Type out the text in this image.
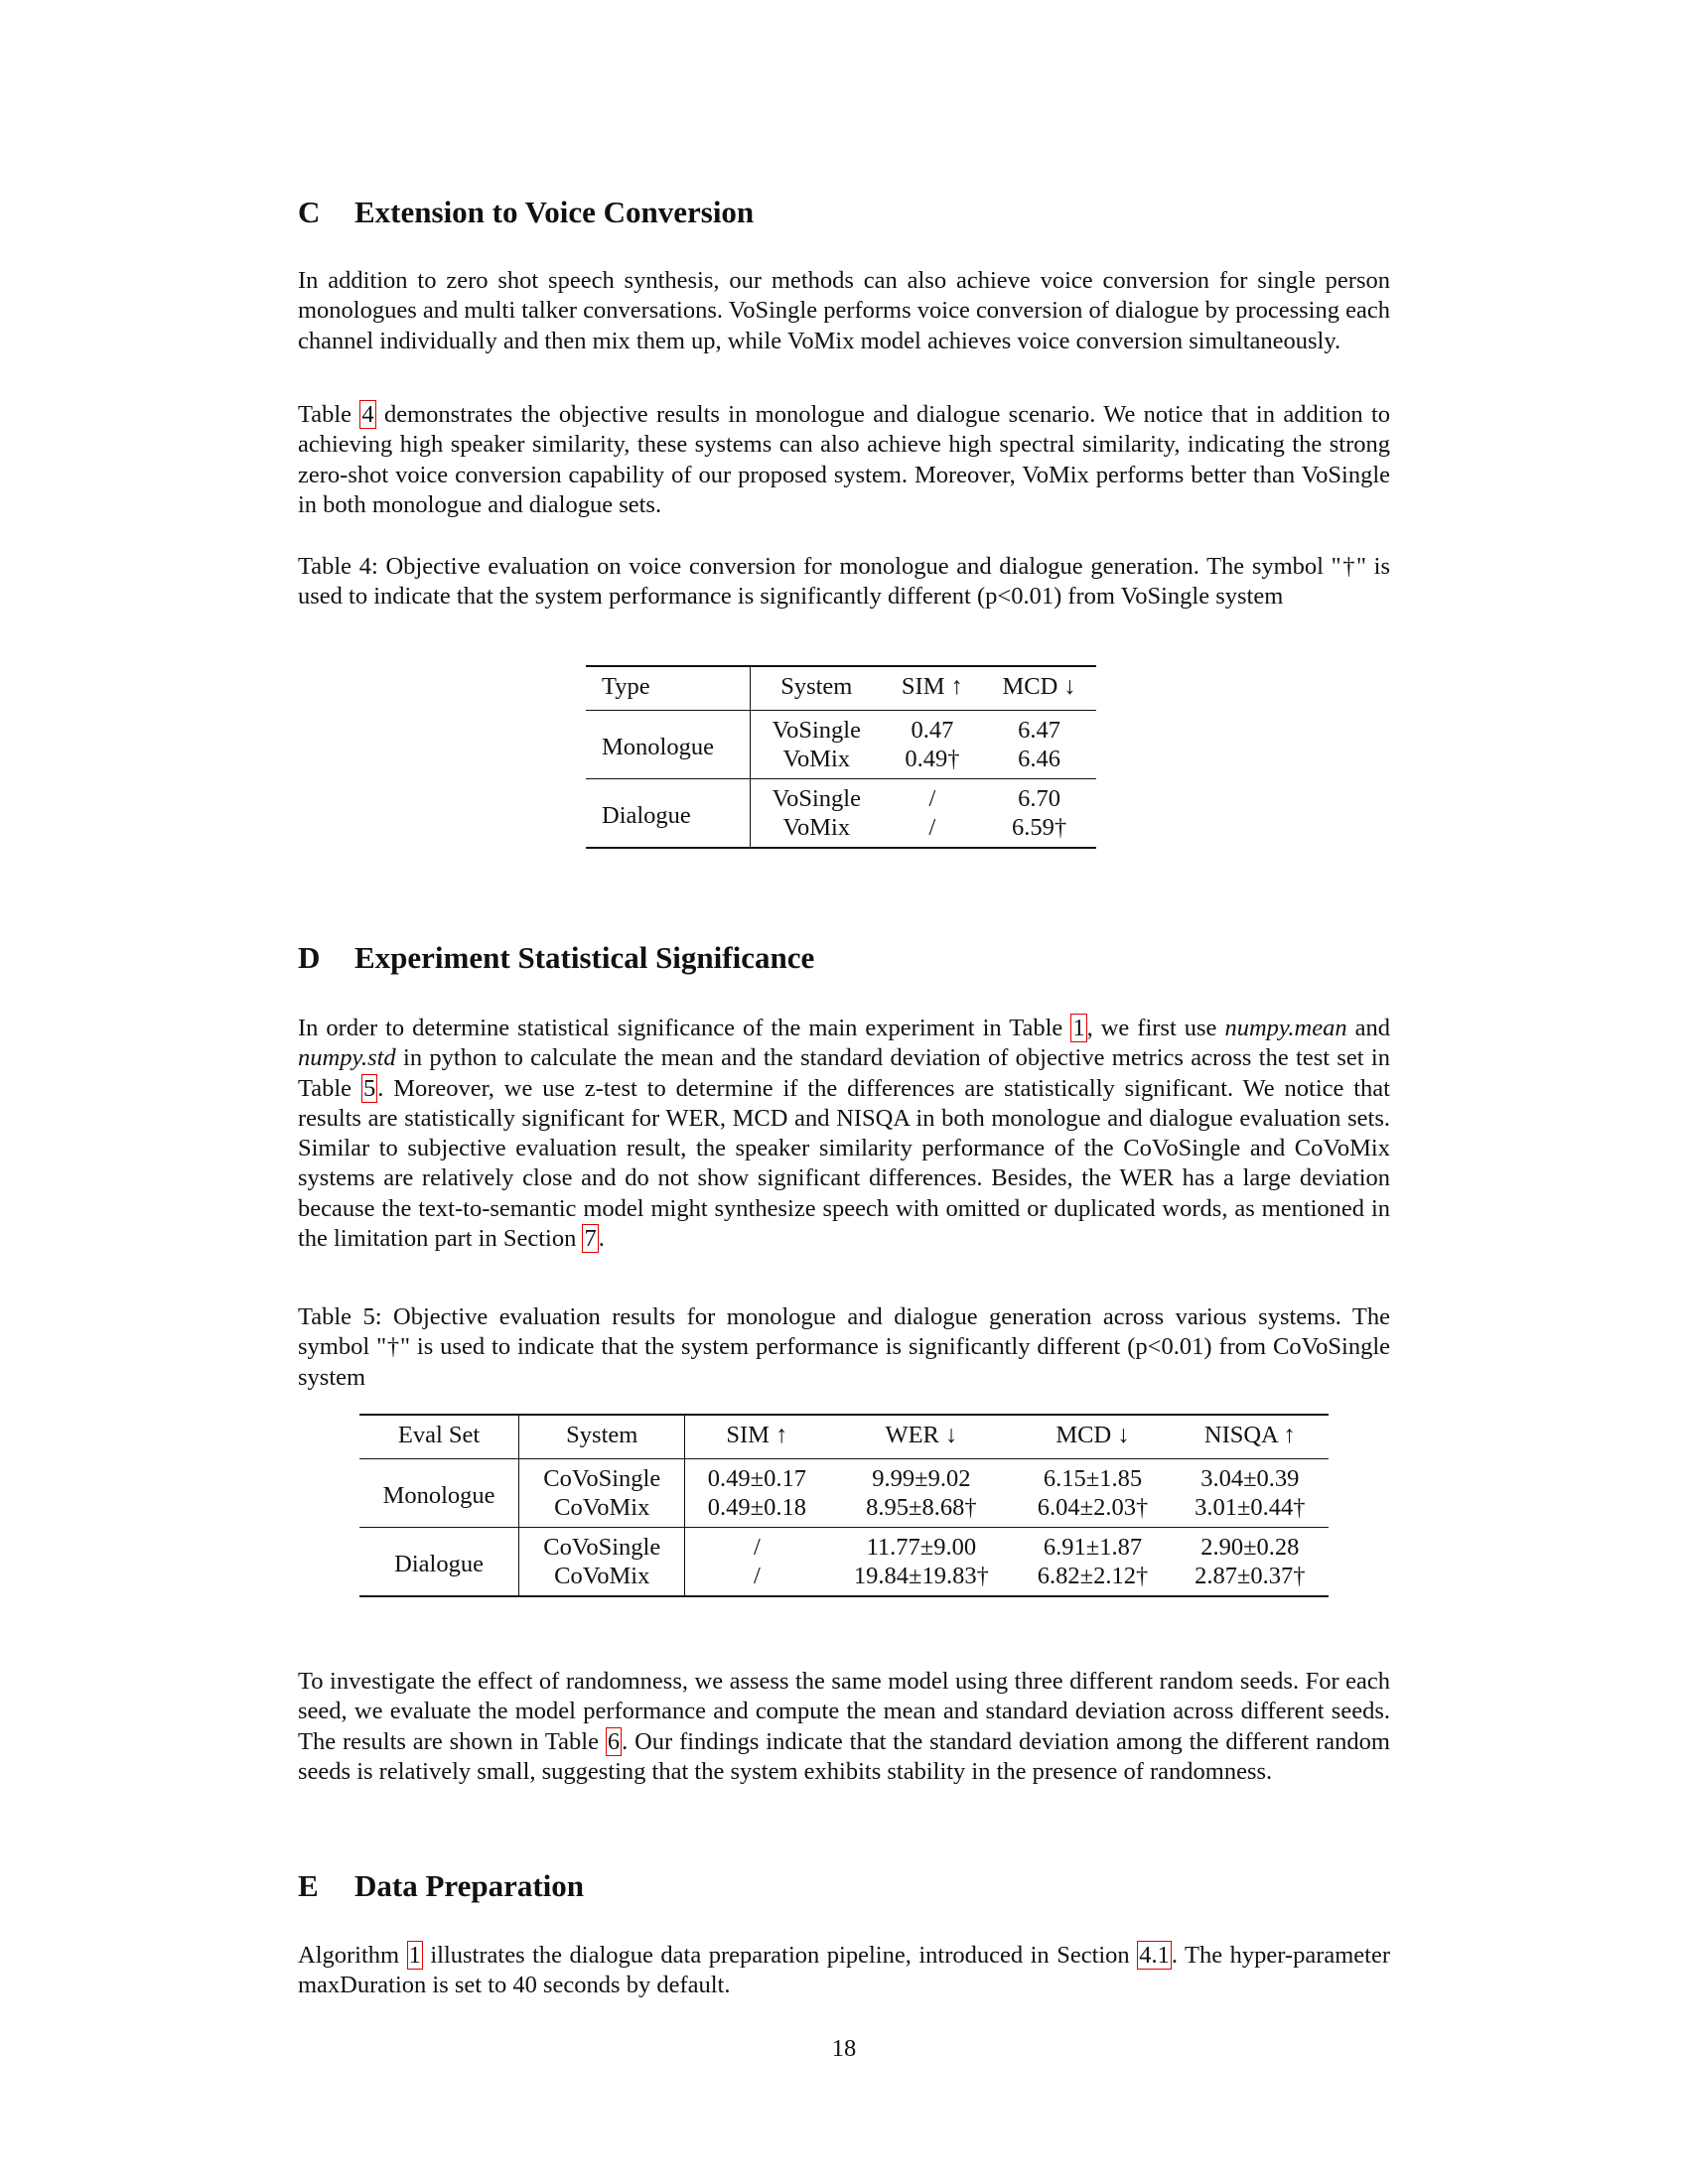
C Extension to Voice Conversion

In addition to zero shot speech synthesis, our methods can also achieve voice conversion for single person monologues and multi talker conversations. VoSingle performs voice conversion of dialogue by processing each channel individually and then mix them up, while VoMix model achieves voice conversion simultaneously.

Table 4 demonstrates the objective results in monologue and dialogue scenario. We notice that in addition to achieving high speaker similarity, these systems can also achieve high spectral similarity, indicating the strong zero-shot voice conversion capability of our proposed system. Moreover, VoMix performs better than VoSingle in both monologue and dialogue sets.

Table 4: Objective evaluation on voice conversion for monologue and dialogue generation. The symbol "†" is used to indicate that the system performance is significantly different (p<0.01) from VoSingle system
Type	System	SIM ↑	MCD ↓
Monologue	VoSingle	0.47	6.47
	VoMix	0.49†	6.46
Dialogue	VoSingle	/	6.70
	VoMix	/	6.59†
D Experiment Statistical Significance

In order to determine statistical significance of the main experiment in Table 1, we first use numpy.mean and numpy.std in python to calculate the mean and the standard deviation of objective metrics across the test set in Table 5. Moreover, we use z-test to determine if the differences are statistically significant. We notice that results are statistically significant for WER, MCD and NISQA in both monologue and dialogue evaluation sets. Similar to subjective evaluation result, the speaker similarity performance of the CoVoSingle and CoVoMix systems are relatively close and do not show significant differences. Besides, the WER has a large deviation because the text-to-semantic model might synthesize speech with omitted or duplicated words, as mentioned in the limitation part in Section 7.

Table 5: Objective evaluation results for monologue and dialogue generation across various systems. The symbol "†" is used to indicate that the system performance is significantly different (p<0.01) from CoVoSingle system
Eval Set	System	SIM ↑	WER ↓	MCD ↓	NISQA ↑
Monologue	CoVoSingle	0.49±0.17	9.99±9.02	6.15±1.85	3.04±0.39
	CoVoMix	0.49±0.18	8.95±8.68†	6.04±2.03†	3.01±0.44†
Dialogue	CoVoSingle	/	11.77±9.00	6.91±1.87	2.90±0.28
	CoVoMix	/	19.84±19.83†	6.82±2.12†	2.87±0.37†

To investigate the effect of randomness, we assess the same model using three different random seeds. For each seed, we evaluate the model performance and compute the mean and standard deviation across different seeds. The results are shown in Table 6. Our findings indicate that the standard deviation among the different random seeds is relatively small, suggesting that the system exhibits stability in the presence of randomness.

E Data Preparation

Algorithm 1 illustrates the dialogue data preparation pipeline, introduced in Section 4.1. The hyper-parameter maxDuration is set to 40 seconds by default.

18
